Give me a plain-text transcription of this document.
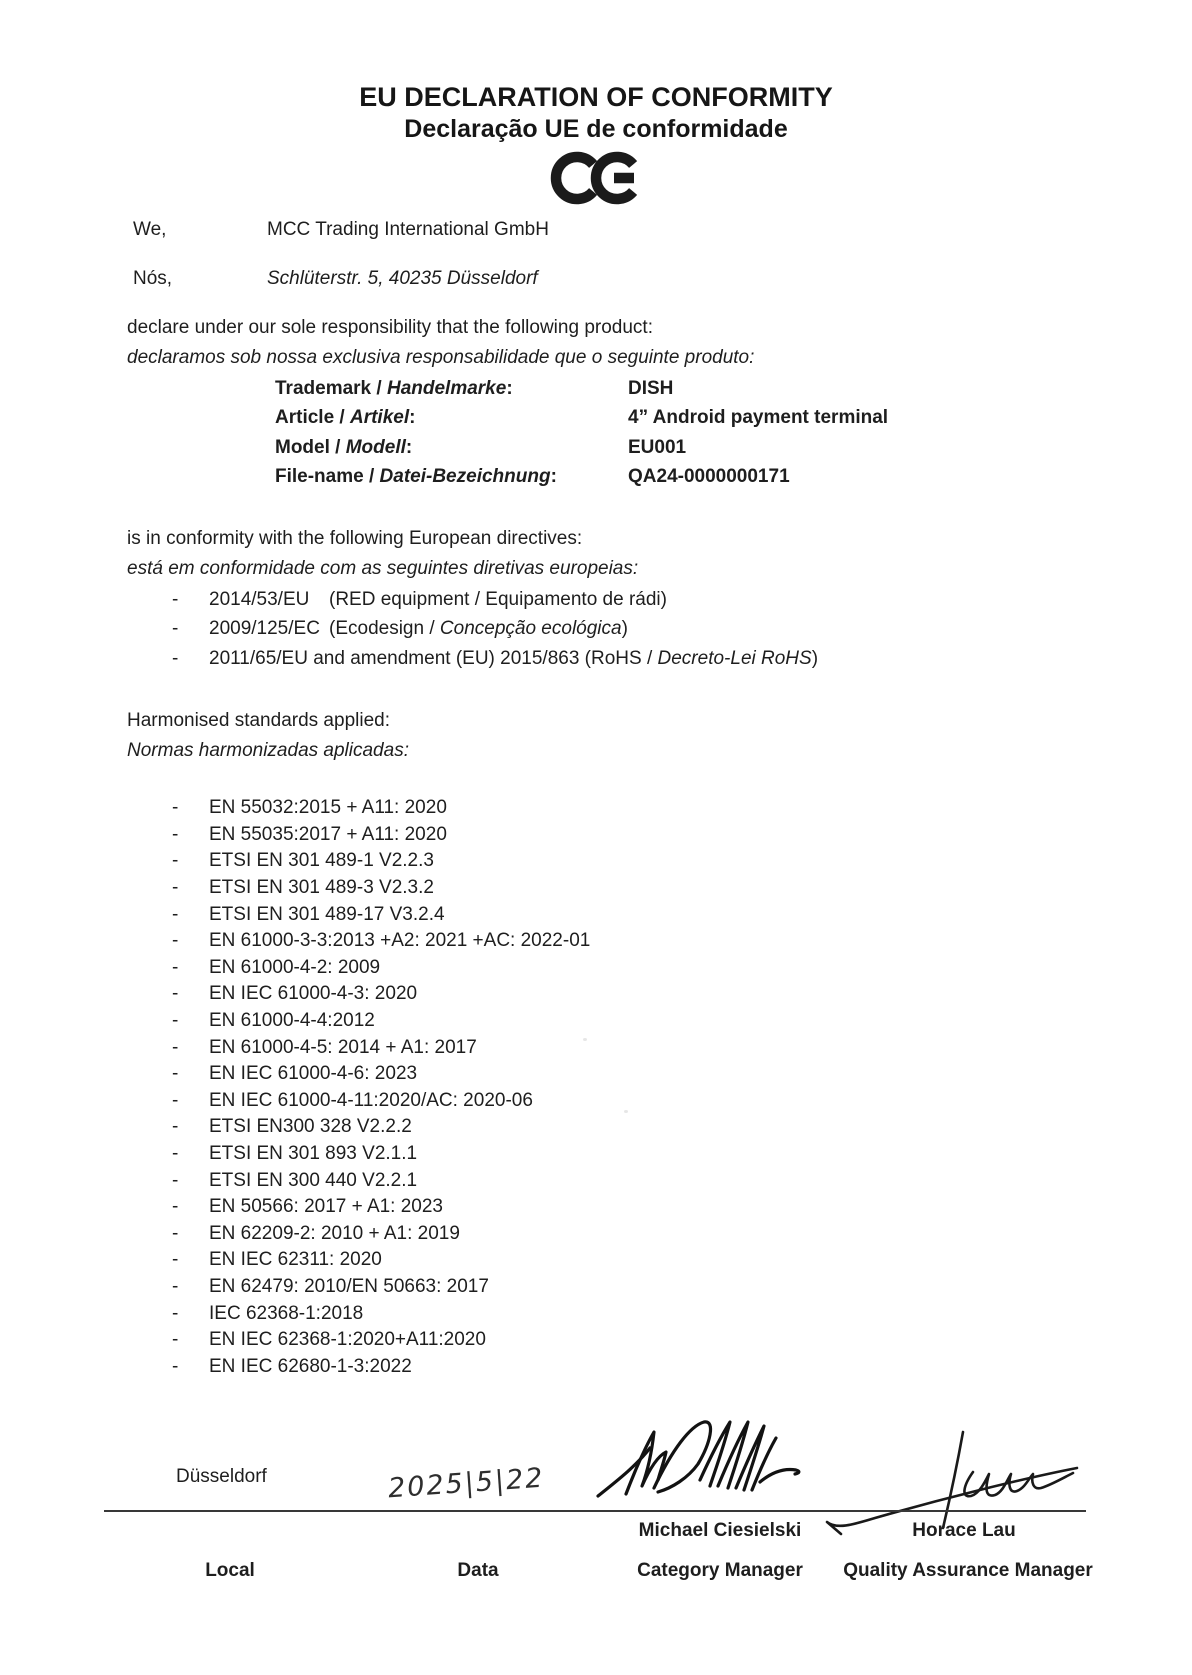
EU DECLARATION OF CONFORMITY
Declaração UE de conformidade
We,	MCC Trading International GmbH
Nós,	Schlüterstr. 5, 40235 Düsseldorf
declare under our sole responsibility that the following product:
declaramos sob nossa exclusiva responsabilidade que o seguinte produto:
Trademark / Handelmarke:	DISH
Article / Artikel:	4” Android payment terminal
Model / Modell:	EU001
File-name / Datei-Bezeichnung:	QA24-0000000171
is in conformity with the following European directives:
está em conformidade com as seguintes diretivas europeias:
-	2014/53/EU	(RED equipment / Equipamento de rádi)
-	2009/125/EC (Ecodesign / Concepção ecológica)
-	2011/65/EU and amendment (EU) 2015/863 (RoHS / Decreto-Lei RoHS)
Harmonised standards applied:
Normas harmonizadas aplicadas:
-	EN 55032:2015 + A11: 2020
-	EN 55035:2017 + A11: 2020
-	ETSI EN 301 489-1 V2.2.3
-	ETSI EN 301 489-3 V2.3.2
-	ETSI EN 301 489-17 V3.2.4
-	EN 61000-3-3:2013 +A2: 2021 +AC: 2022-01
-	EN 61000-4-2: 2009
-	EN IEC 61000-4-3: 2020
-	EN 61000-4-4:2012
-	EN 61000-4-5: 2014 + A1: 2017
-	EN IEC 61000-4-6: 2023
-	EN IEC 61000-4-11:2020/AC: 2020-06
-	ETSI EN300 328 V2.2.2
-	ETSI EN 301 893 V2.1.1
-	ETSI EN 300 440 V2.2.1
-	EN 50566: 2017 + A1: 2023
-	EN 62209-2: 2010 + A1: 2019
-	EN IEC 62311: 2020
-	EN 62479: 2010/EN 50663: 2017
-	IEC 62368-1:2018
-	EN IEC 62368-1:2020+A11:2020
-	EN IEC 62680-1-3:2022
2025|5|22
Düsseldorf
Michael Ciesielski	Horace Lau
Local	Data	Category Manager	Quality Assurance Manager
